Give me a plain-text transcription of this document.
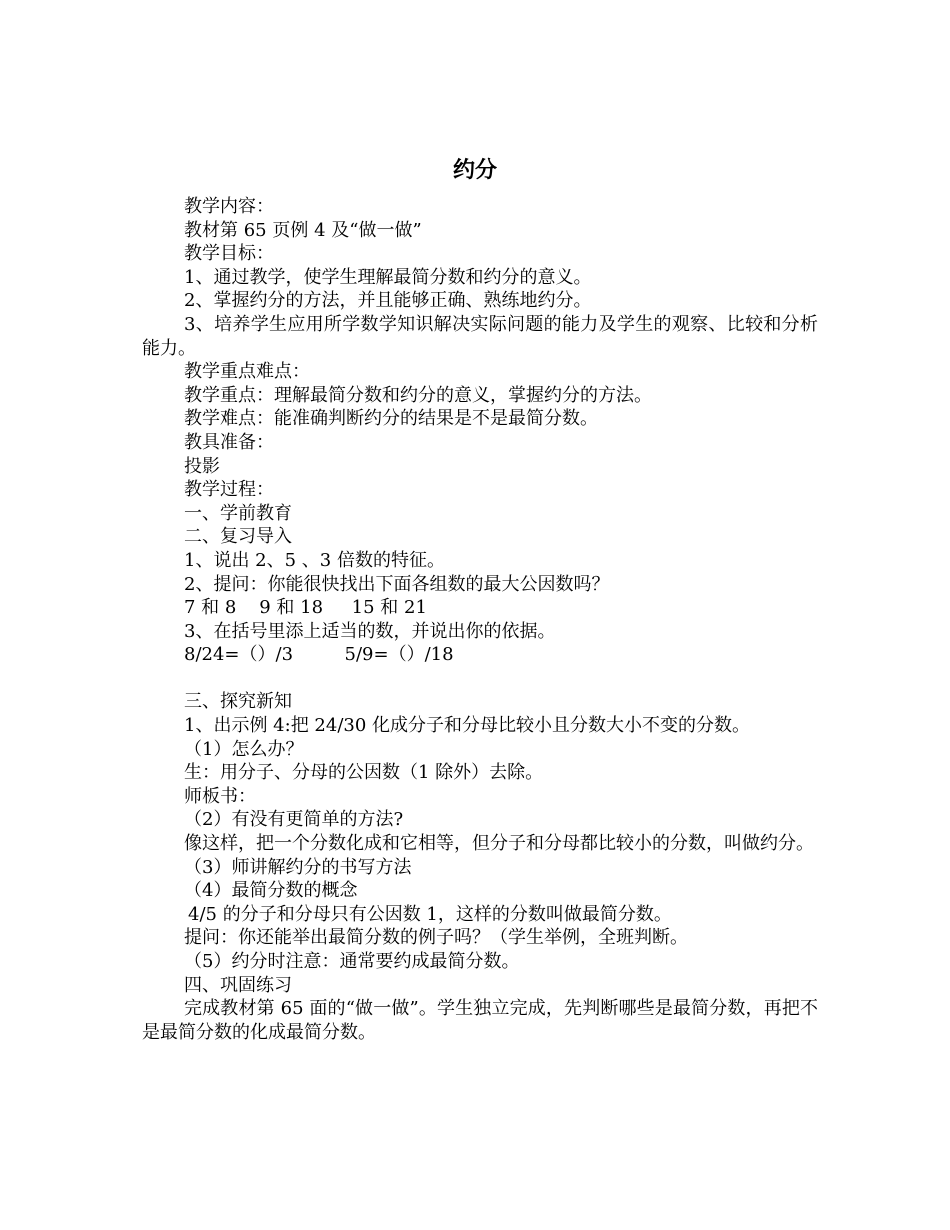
约分
教学内容：
教材第 65 页例 4 及“做一做”
教学目标：
1、通过教学，使学生理解最简分数和约分的意义。
2、掌握约分的方法，并且能够正确、熟练地约分。
3、培养学生应用所学数学知识解决实际问题的能力及学生的观察、比较和分析能力。
教学重点难点：
教学重点：理解最简分数和约分的意义，掌握约分的方法。
教学难点：能准确判断约分的结果是不是最简分数。
教具准备：
投影
教学过程：
一、学前教育
二、复习导入
1、说出 2、5 、3 倍数的特征。
2、提问：你能很快找出下面各组数的最大公因数吗？
7 和 8    9 和 18     15 和 21
3、在括号里添上适当的数，并说出你的依据。
8/24=（）/3         5/9=（）/18
三、探究新知
1、出示例 4:把 24/30 化成分子和分母比较小且分数大小不变的分数。
（1）怎么办？
生：用分子、分母的公因数（1 除外）去除。
师板书：
（2）有没有更简单的方法?
像这样，把一个分数化成和它相等，但分子和分母都比较小的分数，叫做约分。
（3）师讲解约分的书写方法
（4）最简分数的概念
4/5 的分子和分母只有公因数 1，这样的分数叫做最简分数。
提问：你还能举出最简分数的例子吗？（学生举例，全班判断。
（5）约分时注意：通常要约成最简分数。
四、巩固练习
完成教材第 65 面的“做一做”。学生独立完成，先判断哪些是最简分数，再把不是最简分数的化成最简分数。
